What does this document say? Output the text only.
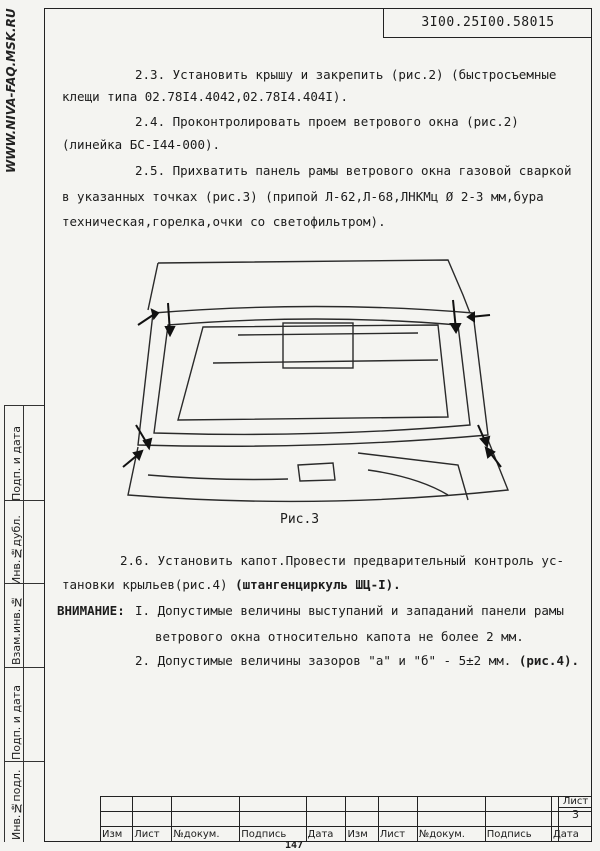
WWW.NIVA-FAQ.MSK.RU	3I00.25I00.58015
Подп. и дата
Инв.№дубл.
Взам.инв.№
Подп. и дата
Инв.№подл.
2.3. Установить крышу и закрепить (рис.2) (быстросъемные
клещи типа 02.78I4.4042,02.78I4.404I).
2.4. Проконтролировать проем ветрового окна (рис.2)
(линейка БС-I44-000).
2.5. Прихватить панель рамы ветрового окна газовой сваркой
в указанных точках (рис.3) (припой Л-62,Л-68,ЛНКМц Ø 2-3 мм,бура
техническая,горелка,очки со светофильтром).
Рис.3
2.6. Установить капот.Провести предварительный контроль ус-
тановки крыльев(рис.4) (штангенциркуль ШЦ-I).
ВНИМАНИЕ: I. Допустимые величины выступаний и западаний панели рамы
ветрового окна относительно капота не более 2 мм.
2. Допустимые величины зазоров "а" и "б" - 5±2 мм. (рис.4).

Изм	Лист	№докум.	Подпись	Дата	Изм	Лист	№докум.	Подпись	Дата
Лист
3
147
